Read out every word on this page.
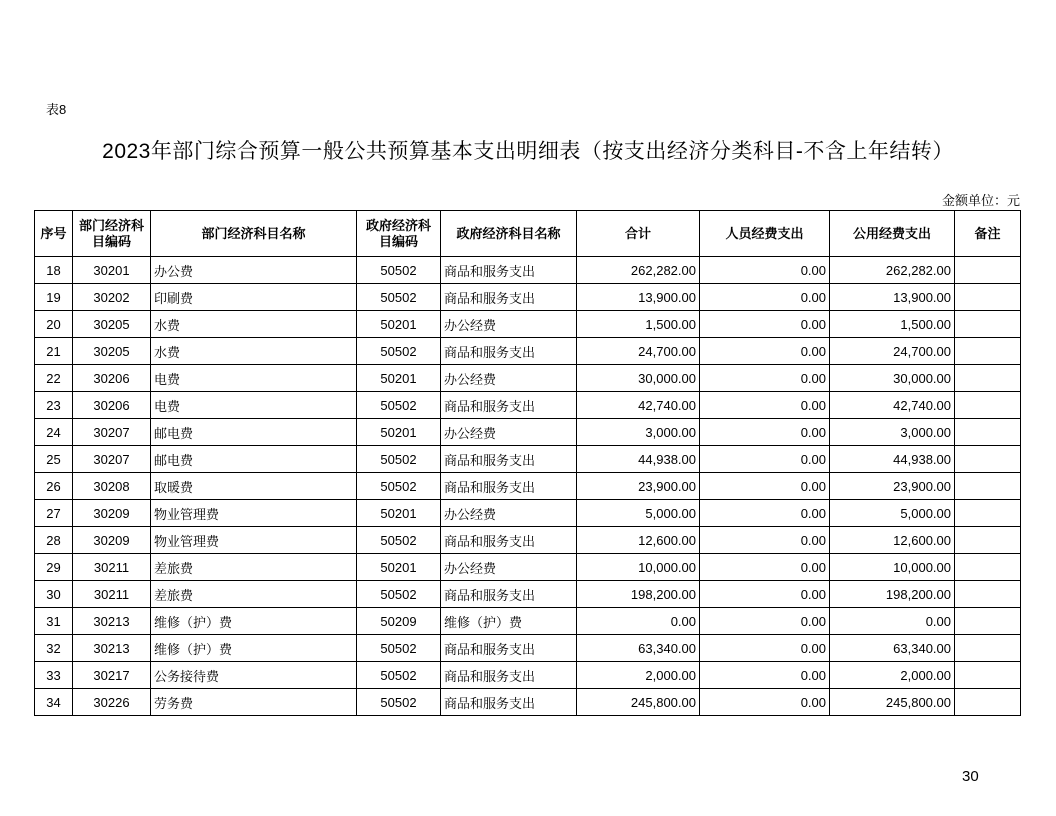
表8
2023年部门综合预算一般公共预算基本支出明细表（按支出经济分类科目-不含上年结转）
金额单位：元
序号	部门经济科目编码	部门经济科目名称	政府经济科目编码	政府经济科目名称	合计	人员经费支出	公用经费支出	备注
18	30201	办公费	50502	商品和服务支出	262,282.00	0.00	262,282.00	
19	30202	印刷费	50502	商品和服务支出	13,900.00	0.00	13,900.00	
20	30205	水费	50201	办公经费	1,500.00	0.00	1,500.00	
21	30205	水费	50502	商品和服务支出	24,700.00	0.00	24,700.00	
22	30206	电费	50201	办公经费	30,000.00	0.00	30,000.00	
23	30206	电费	50502	商品和服务支出	42,740.00	0.00	42,740.00	
24	30207	邮电费	50201	办公经费	3,000.00	0.00	3,000.00	
25	30207	邮电费	50502	商品和服务支出	44,938.00	0.00	44,938.00	
26	30208	取暖费	50502	商品和服务支出	23,900.00	0.00	23,900.00	
27	30209	物业管理费	50201	办公经费	5,000.00	0.00	5,000.00	
28	30209	物业管理费	50502	商品和服务支出	12,600.00	0.00	12,600.00	
29	30211	差旅费	50201	办公经费	10,000.00	0.00	10,000.00	
30	30211	差旅费	50502	商品和服务支出	198,200.00	0.00	198,200.00	
31	30213	维修（护）费	50209	维修（护）费	0.00	0.00	0.00	
32	30213	维修（护）费	50502	商品和服务支出	63,340.00	0.00	63,340.00	
33	30217	公务接待费	50502	商品和服务支出	2,000.00	0.00	2,000.00	
34	30226	劳务费	50502	商品和服务支出	245,800.00	0.00	245,800.00	
30
